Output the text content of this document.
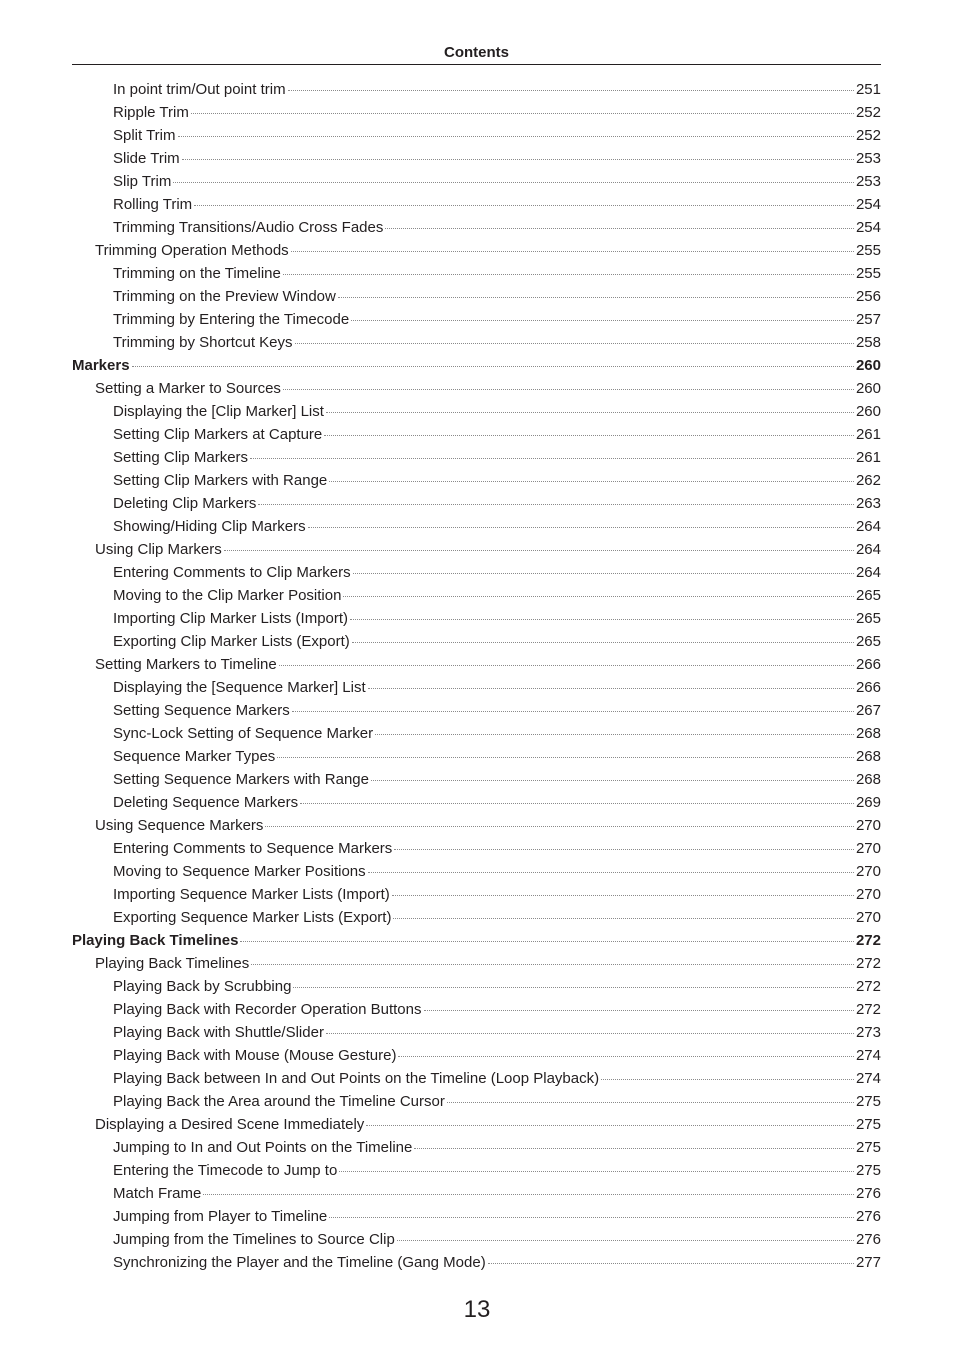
Contents
In point trim/Out point trim	251
Ripple Trim	252
Split Trim	252
Slide Trim	253
Slip Trim	253
Rolling Trim	254
Trimming Transitions/Audio Cross Fades	254
Trimming Operation Methods	255
Trimming on the Timeline	255
Trimming on the Preview Window	256
Trimming by Entering the Timecode	257
Trimming by Shortcut Keys	258
Markers	260
Setting a Marker to Sources	260
Displaying the [Clip Marker] List	260
Setting Clip Markers at Capture	261
Setting Clip Markers	261
Setting Clip Markers with Range	262
Deleting Clip Markers	263
Showing/Hiding Clip Markers	264
Using Clip Markers	264
Entering Comments to Clip Markers	264
Moving to the Clip Marker Position	265
Importing Clip Marker Lists (Import)	265
Exporting Clip Marker Lists (Export)	265
Setting Markers to Timeline	266
Displaying the [Sequence Marker] List	266
Setting Sequence Markers	267
Sync-Lock Setting of Sequence Marker	268
Sequence Marker Types	268
Setting Sequence Markers with Range	268
Deleting Sequence Markers	269
Using Sequence Markers	270
Entering Comments to Sequence Markers	270
Moving to Sequence Marker Positions	270
Importing Sequence Marker Lists (Import)	270
Exporting Sequence Marker Lists (Export)	270
Playing Back Timelines	272
Playing Back Timelines	272
Playing Back by Scrubbing	272
Playing Back with Recorder Operation Buttons	272
Playing Back with Shuttle/Slider	273
Playing Back with Mouse (Mouse Gesture)	274
Playing Back between In and Out Points on the Timeline (Loop Playback)	274
Playing Back the Area around the Timeline Cursor	275
Displaying a Desired Scene Immediately	275
Jumping to In and Out Points on the Timeline	275
Entering the Timecode to Jump to	275
Match Frame	276
Jumping from Player to Timeline	276
Jumping from the Timelines to Source Clip	276
Synchronizing the Player and the Timeline (Gang Mode)	277
13
